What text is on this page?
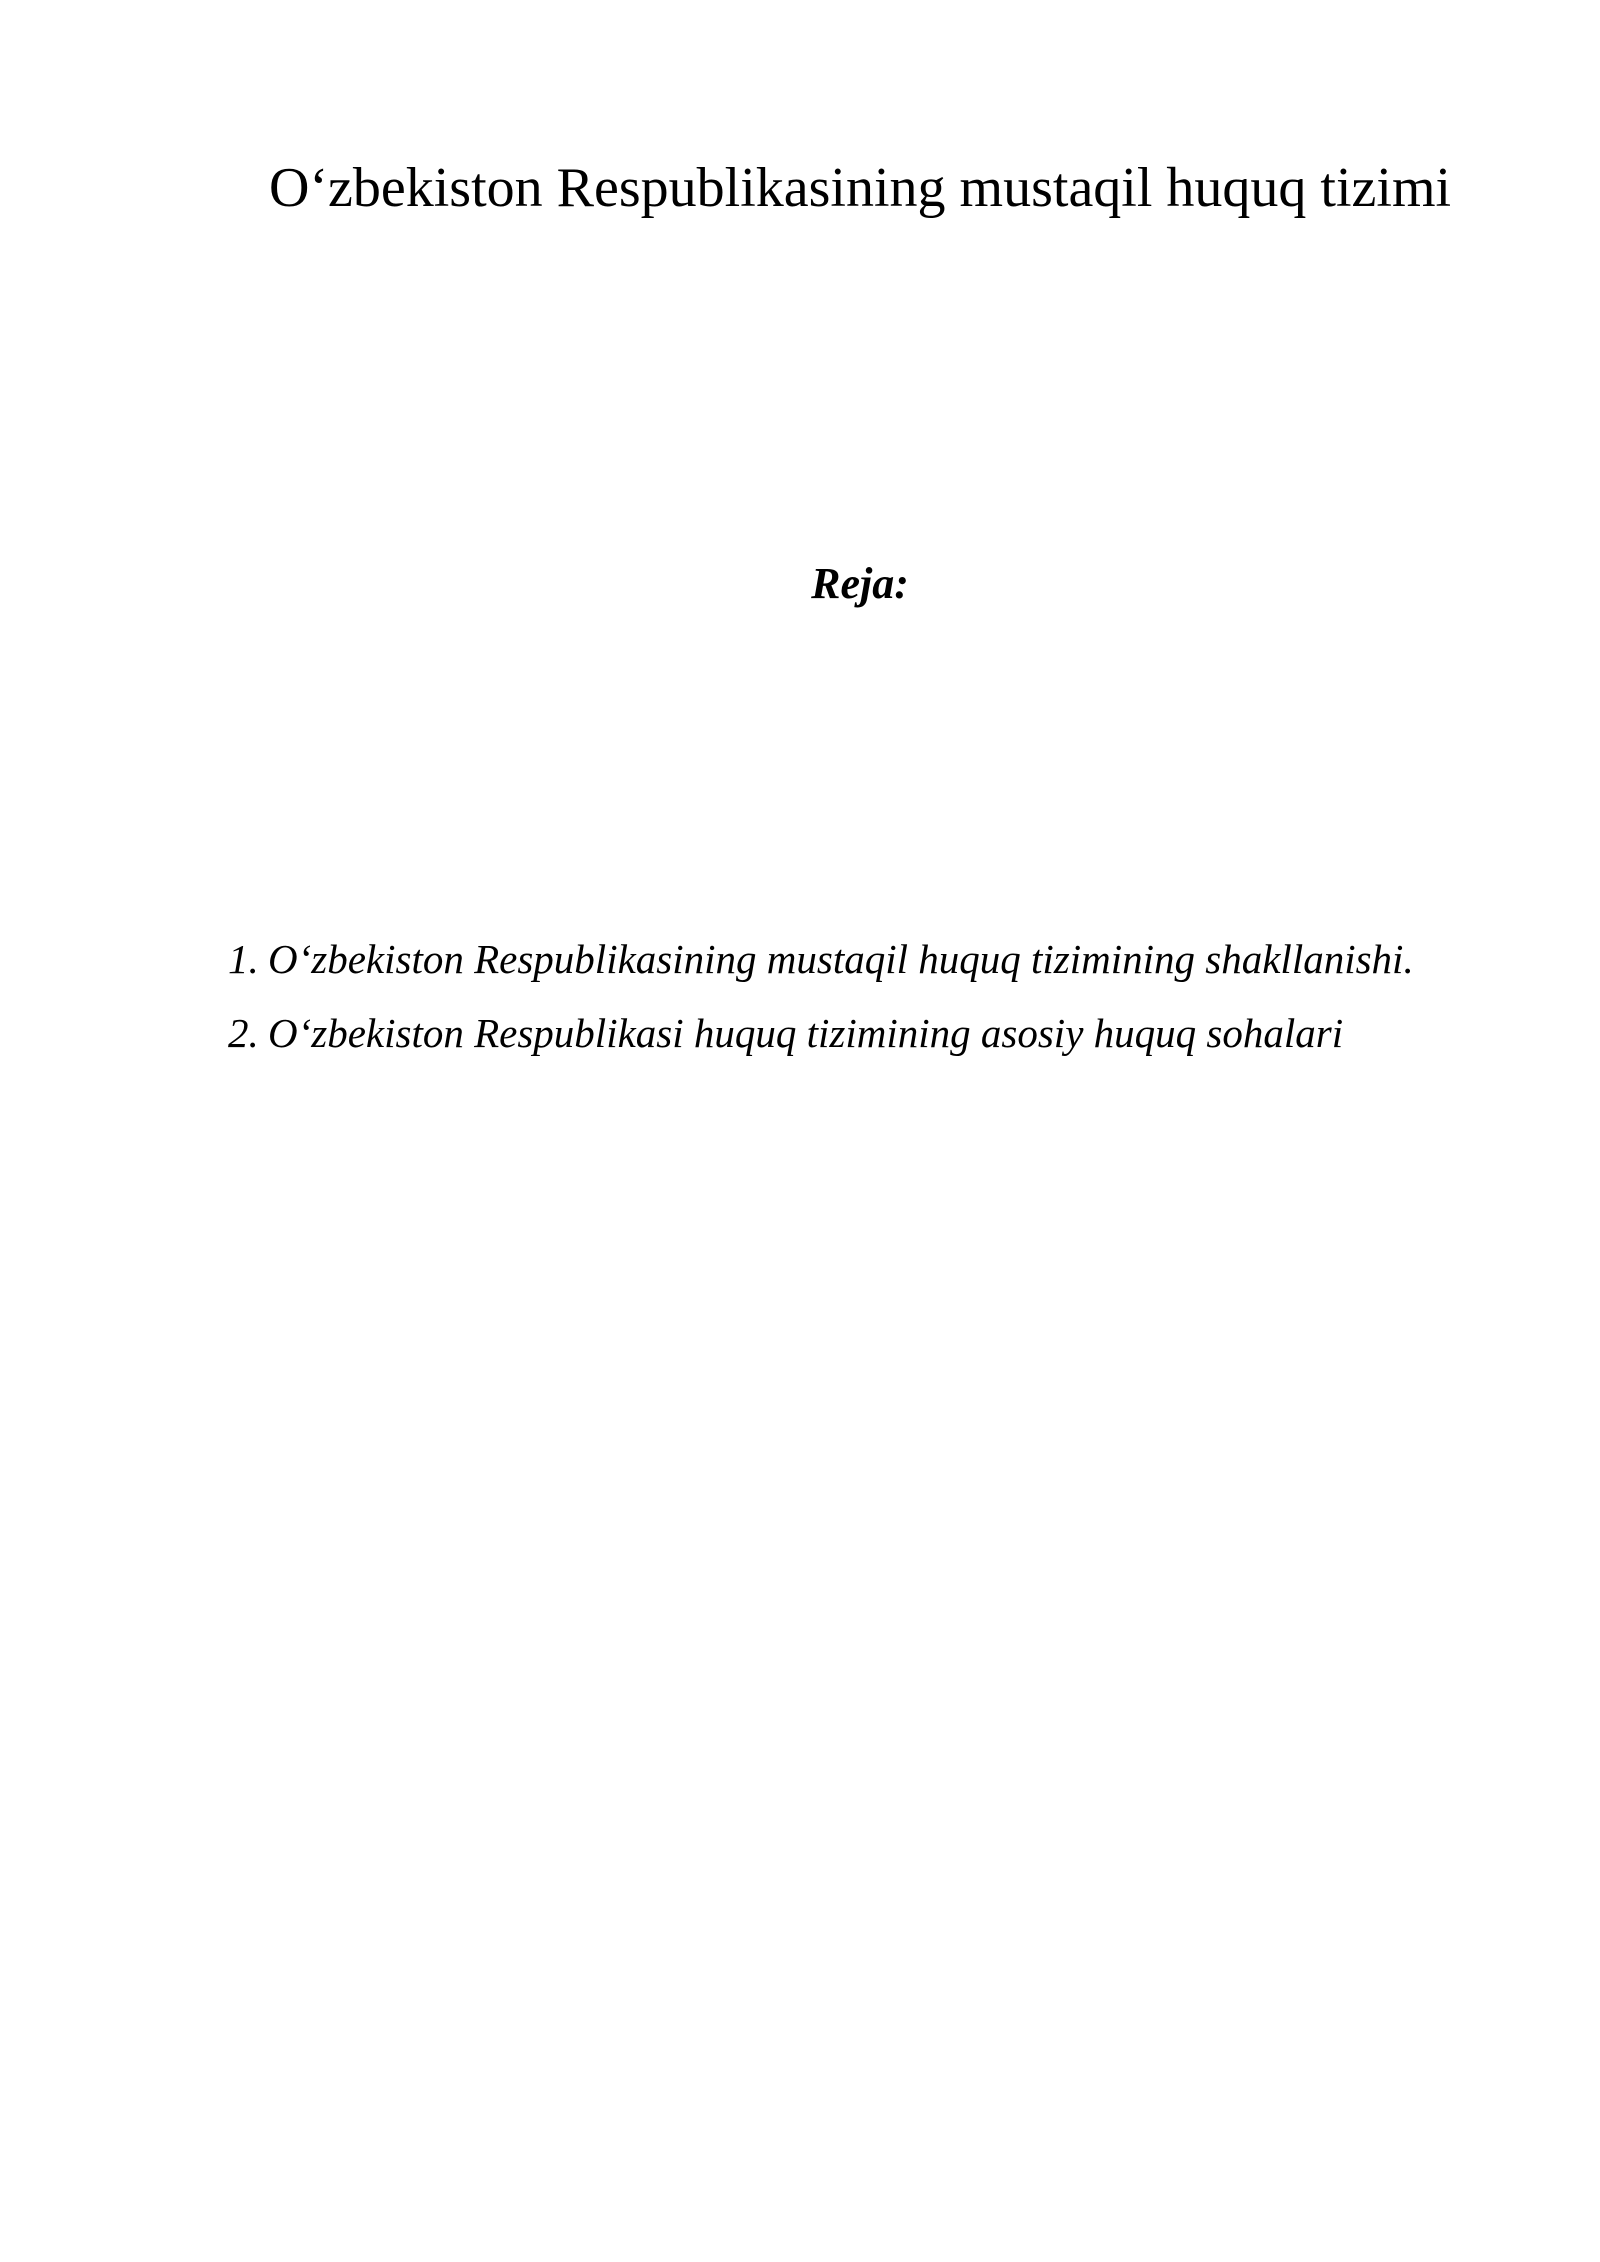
O‘zbekiston Respublikasining mustaqil huquq tizimi
Reja:
1. O‘zbekiston Respublikasining mustaqil huquq tizimining shakllanishi.
2. O‘zbekiston Respublikasi huquq tizimining asosiy huquq sohalari
